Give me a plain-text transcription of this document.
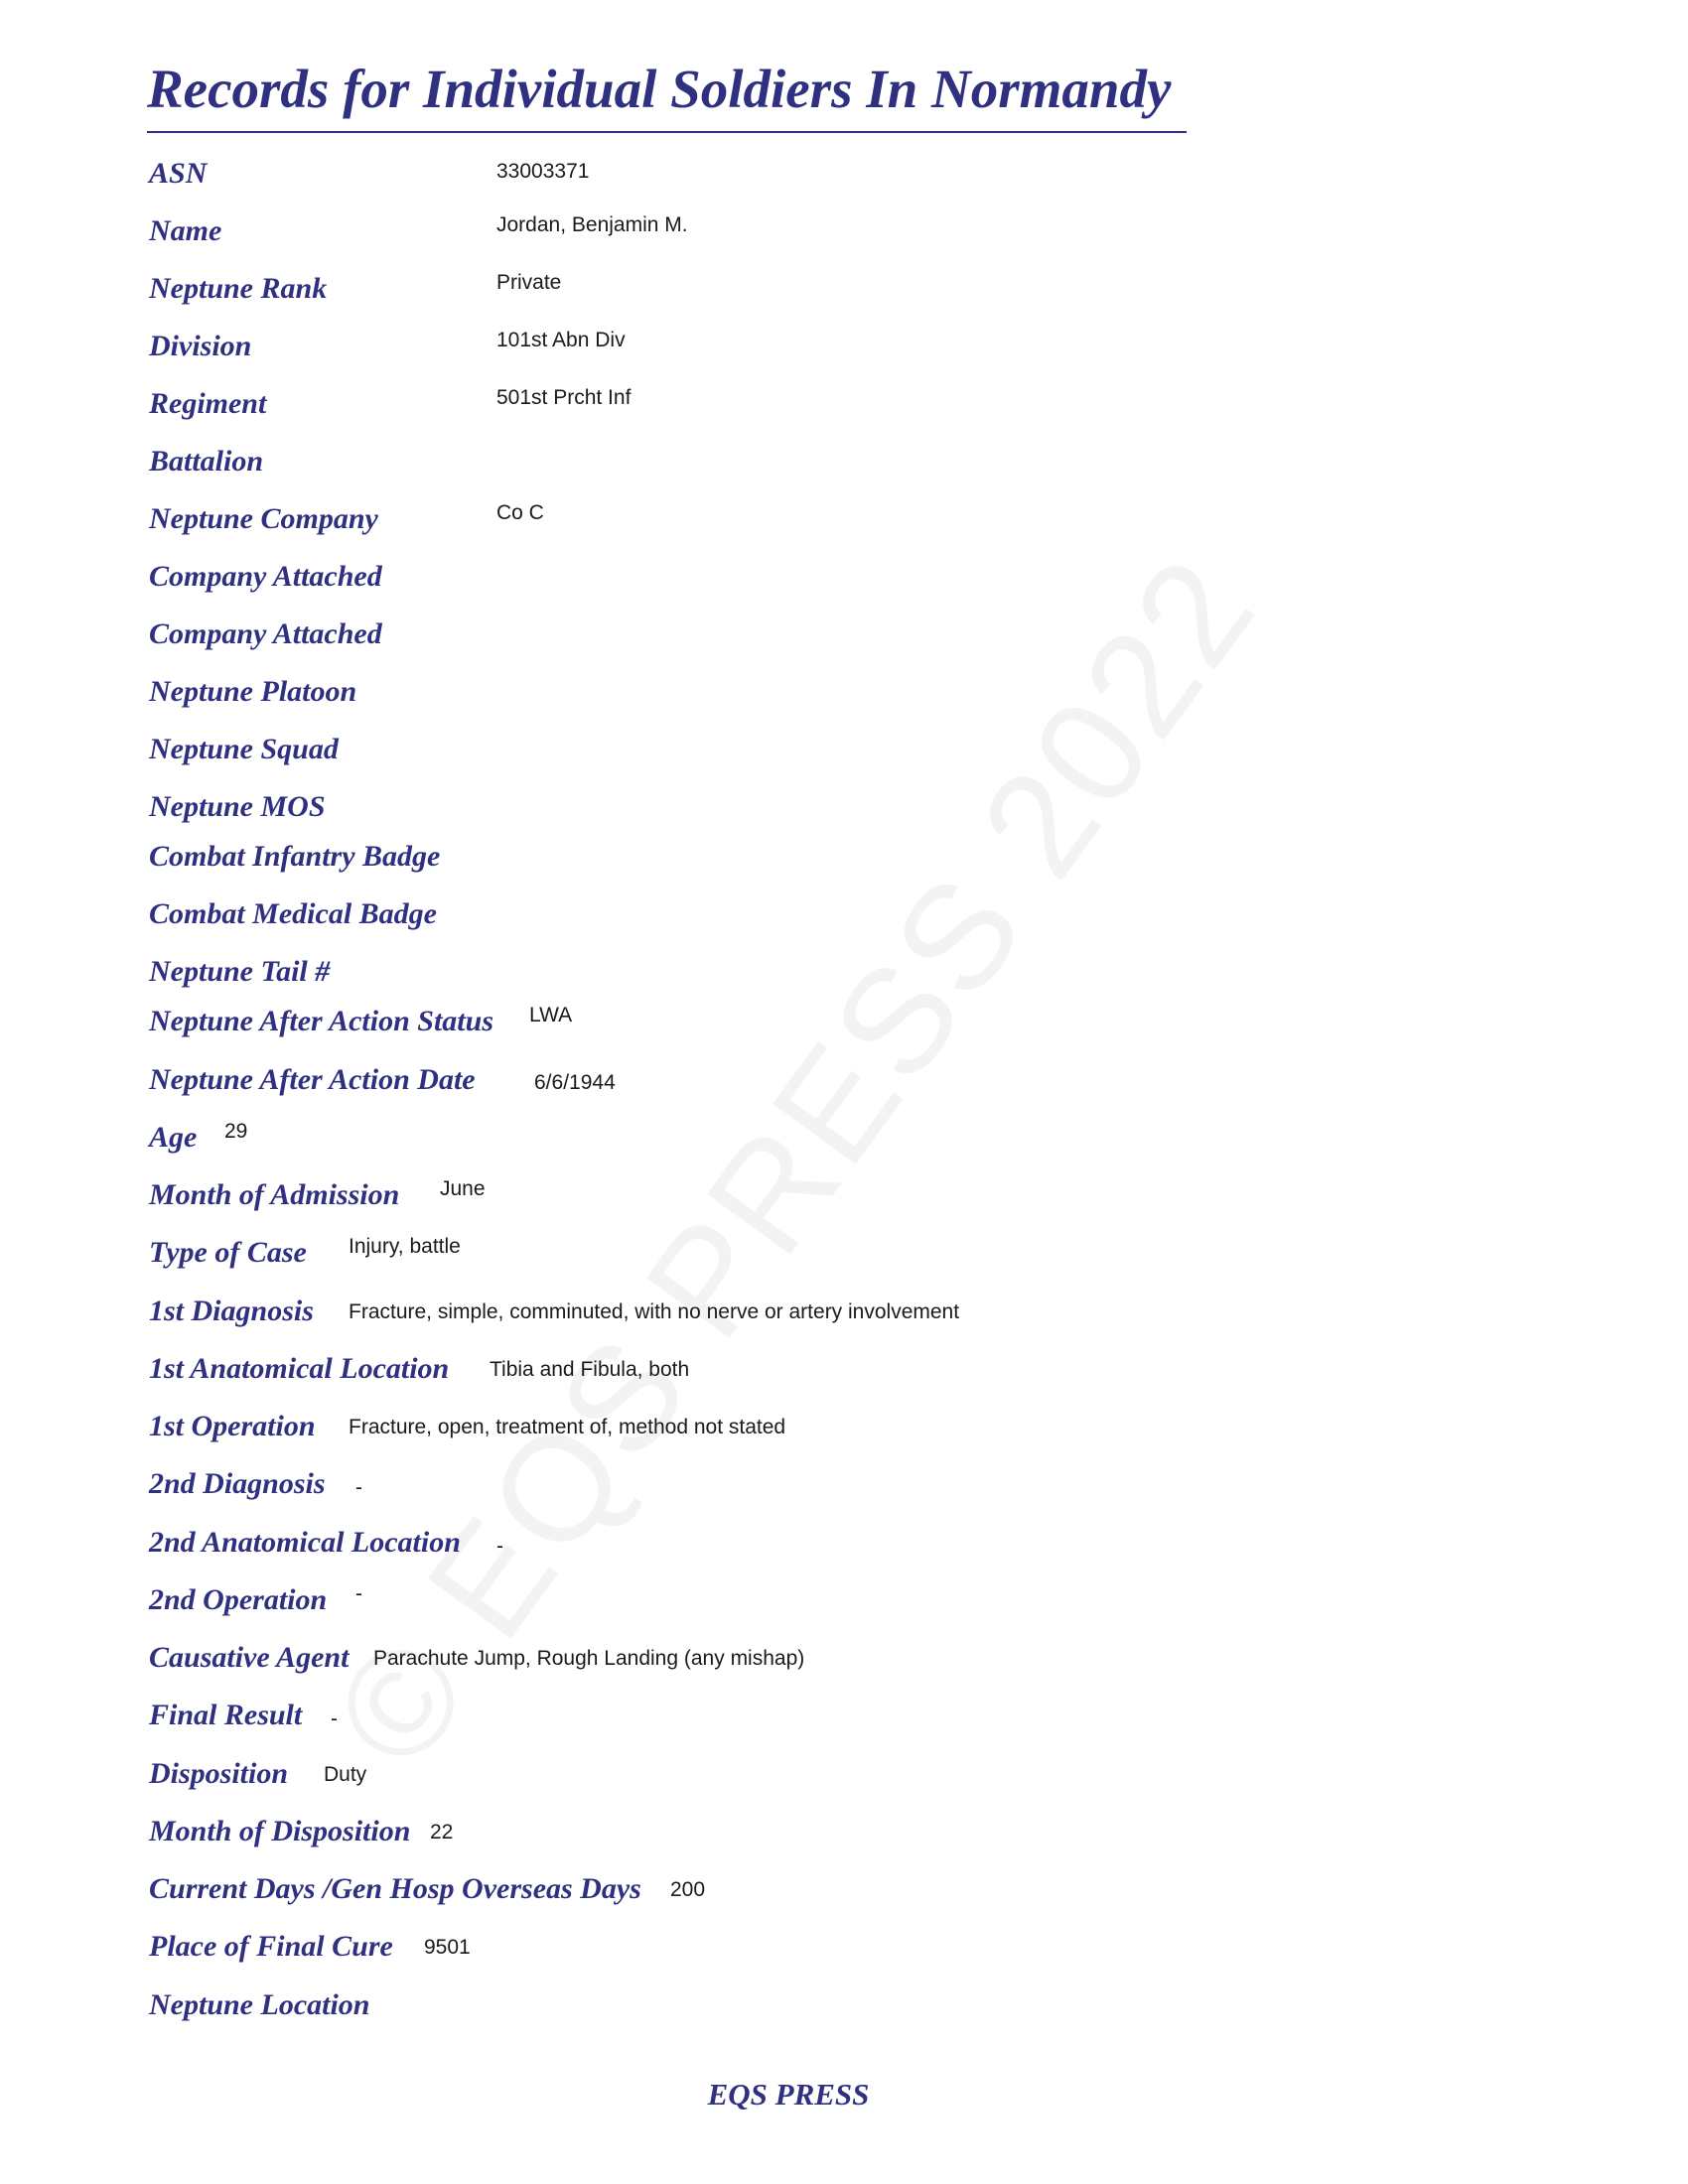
Records for Individual Soldiers In Normandy
ASN	33003371
Name	Jordan, Benjamin M.
Neptune Rank	Private
Division	101st Abn Div
Regiment	501st Prcht Inf
Battalion
Neptune Company	Co C
Company Attached
Company Attached
Neptune Platoon
Neptune Squad
Neptune MOS
Combat Infantry Badge
Combat Medical Badge
Neptune Tail #
Neptune After Action Status LWA
Neptune After Action Date	6/6/1944
Age 29
Month of Admission June
Type of Case Injury, battle
1st Diagnosis Fracture, simple, comminuted, with no nerve or artery involvement
1st Anatomical Location Tibia and Fibula, both
1st Operation Fracture, open, treatment of, method not stated
2nd Diagnosis -
2nd Anatomical Location -
2nd Operation -
Causative Agent Parachute Jump, Rough Landing (any mishap)
Final Result -
Disposition Duty
Month of Disposition 22
Current Days /Gen Hosp Overseas Days 200
Place of Final Cure 9501
Neptune Location
EQS PRESS
